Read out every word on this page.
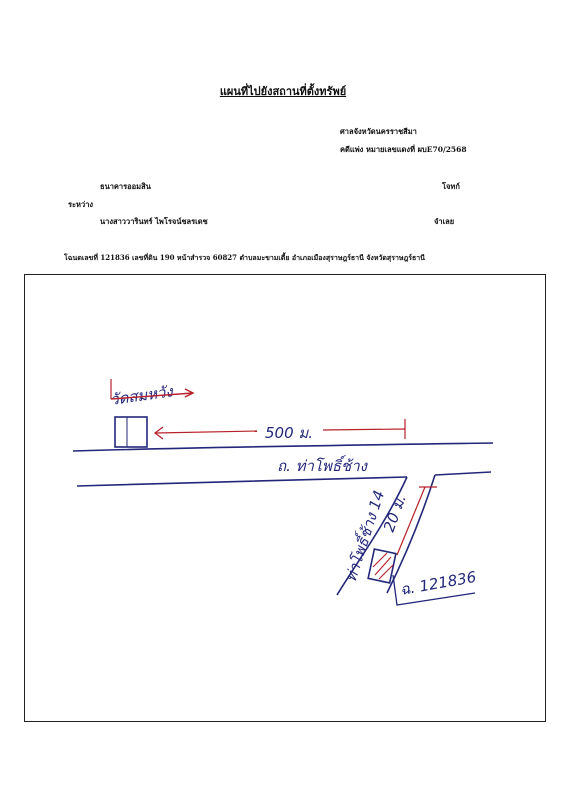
แผนที่ไปยังสถานที่ตั้งทรัพย์
ศาลจังหวัดนครราชสีมา
คดีแพ่ง หมายเลขแดงที่ ผบE70/2568
ธนาคารออมสิน	โจทก์
ระหว่าง
นางสาววารินทร์ ไพโรจน์ชลรเดช	จำเลย
โฉนดเลขที่ 121836 เลขที่ดิน 190 หน้าสำรวจ 60827 ตำบลมะขามเตี้ย อำเภอเมืองสุราษฎร์ธานี จังหวัดสุราษฎร์ธานี
ถ. ท่าโพธิ์ช้าง
วัดสมหวัง
500 ม.
ท่าโพธิ์ช้าง 14
20 ม.
ฉ. 121836
